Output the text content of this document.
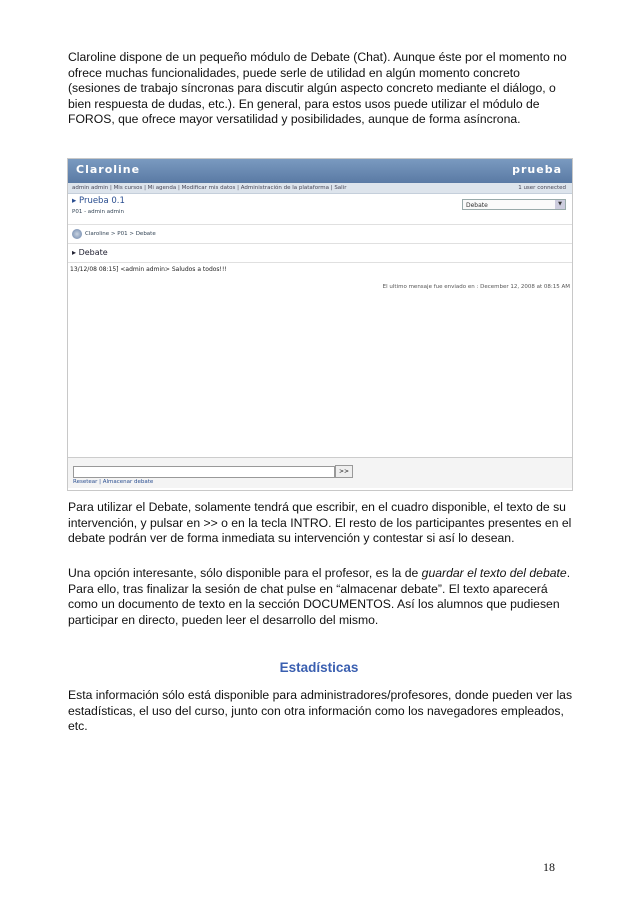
Claroline dispone de un pequeño módulo de Debate (Chat). Aunque éste por el momento no ofrece muchas funcionalidades, puede serle de utilidad en algún momento concreto (sesiones de trabajo síncronas para discutir algún aspecto concreto mediante el diálogo, o bien respuesta de dudas, etc.). En general, para estos usos puede utilizar el módulo de FOROS, que ofrece mayor versatilidad y posibilidades, aunque de forma asíncrona.

Claroline	prueba
admin admin | Mis cursos | Mi agenda | Modificar mis datos | Administración de la plataforma | Salir	1 user connected
▸ Prueba 0.1
P01 - admin admin
Debate	▼
Claroline > P01 > Debate
▸ Debate
13/12/08 08:15] <admin admin> Saludos a todos!!!
El ultimo mensaje fue enviado en : December 12, 2008 at 08:15 AM
>>
Resetear | Almacenar debate

Para utilizar el Debate, solamente tendrá que escribir, en el cuadro disponible, el texto de su intervención, y pulsar en >> o en la tecla INTRO. El resto de los participantes presentes en el debate podrán ver de forma inmediata su intervención y contestar si así lo desean.

Una opción interesante, sólo disponible para el profesor, es la de guardar el texto del debate. Para ello, tras finalizar la sesión de chat pulse en “almacenar debate”. El texto aparecerá como un documento de texto en la sección DOCUMENTOS. Así los alumnos que pudiesen participar en directo, pueden leer el desarrollo del mismo.

Estadísticas

Esta información sólo está disponible para administradores/profesores, donde pueden ver las estadísticas, el uso del curso, junto con otra información como los navegadores empleados, etc.

18
